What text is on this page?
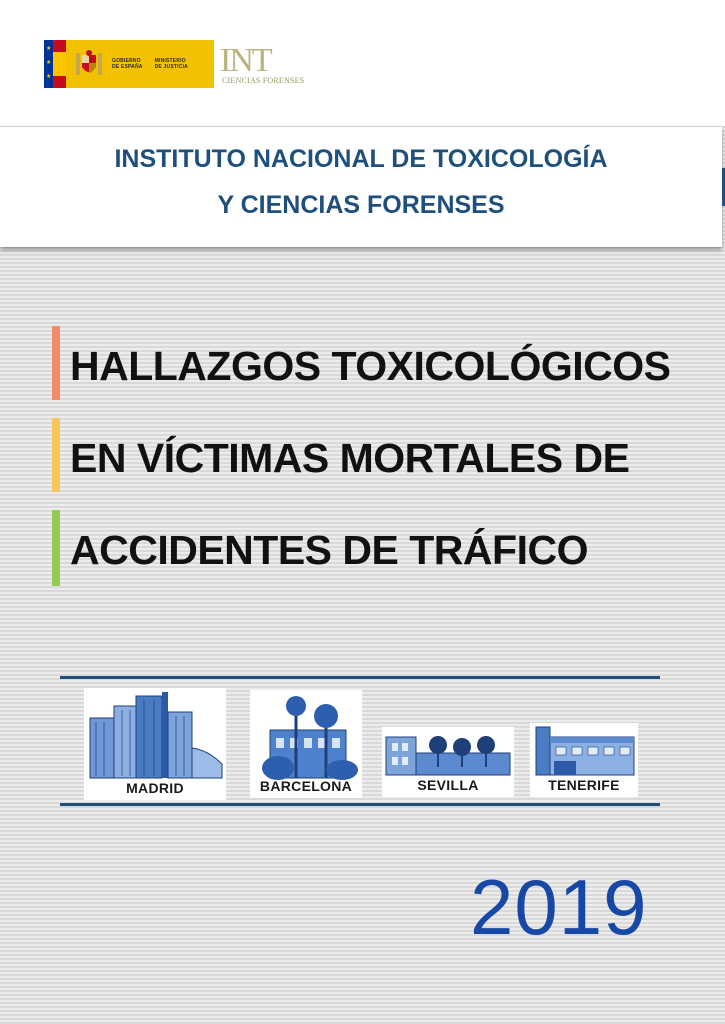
★
★
★
GOBIERNO
DE ESPAÑA
MINISTERIO
DE JUSTICIA INT
CIENCIAS FORENSES
INSTITUTO NACIONAL DE TOXICOLOGÍA
Y CIENCIAS FORENSES
HALLAZGOS TOXICOLÓGICOS
EN VÍCTIMAS MORTALES DE
ACCIDENTES DE TRÁFICO
MADRID	BARCELONA	SEVILLA	TENERIFE
2019
